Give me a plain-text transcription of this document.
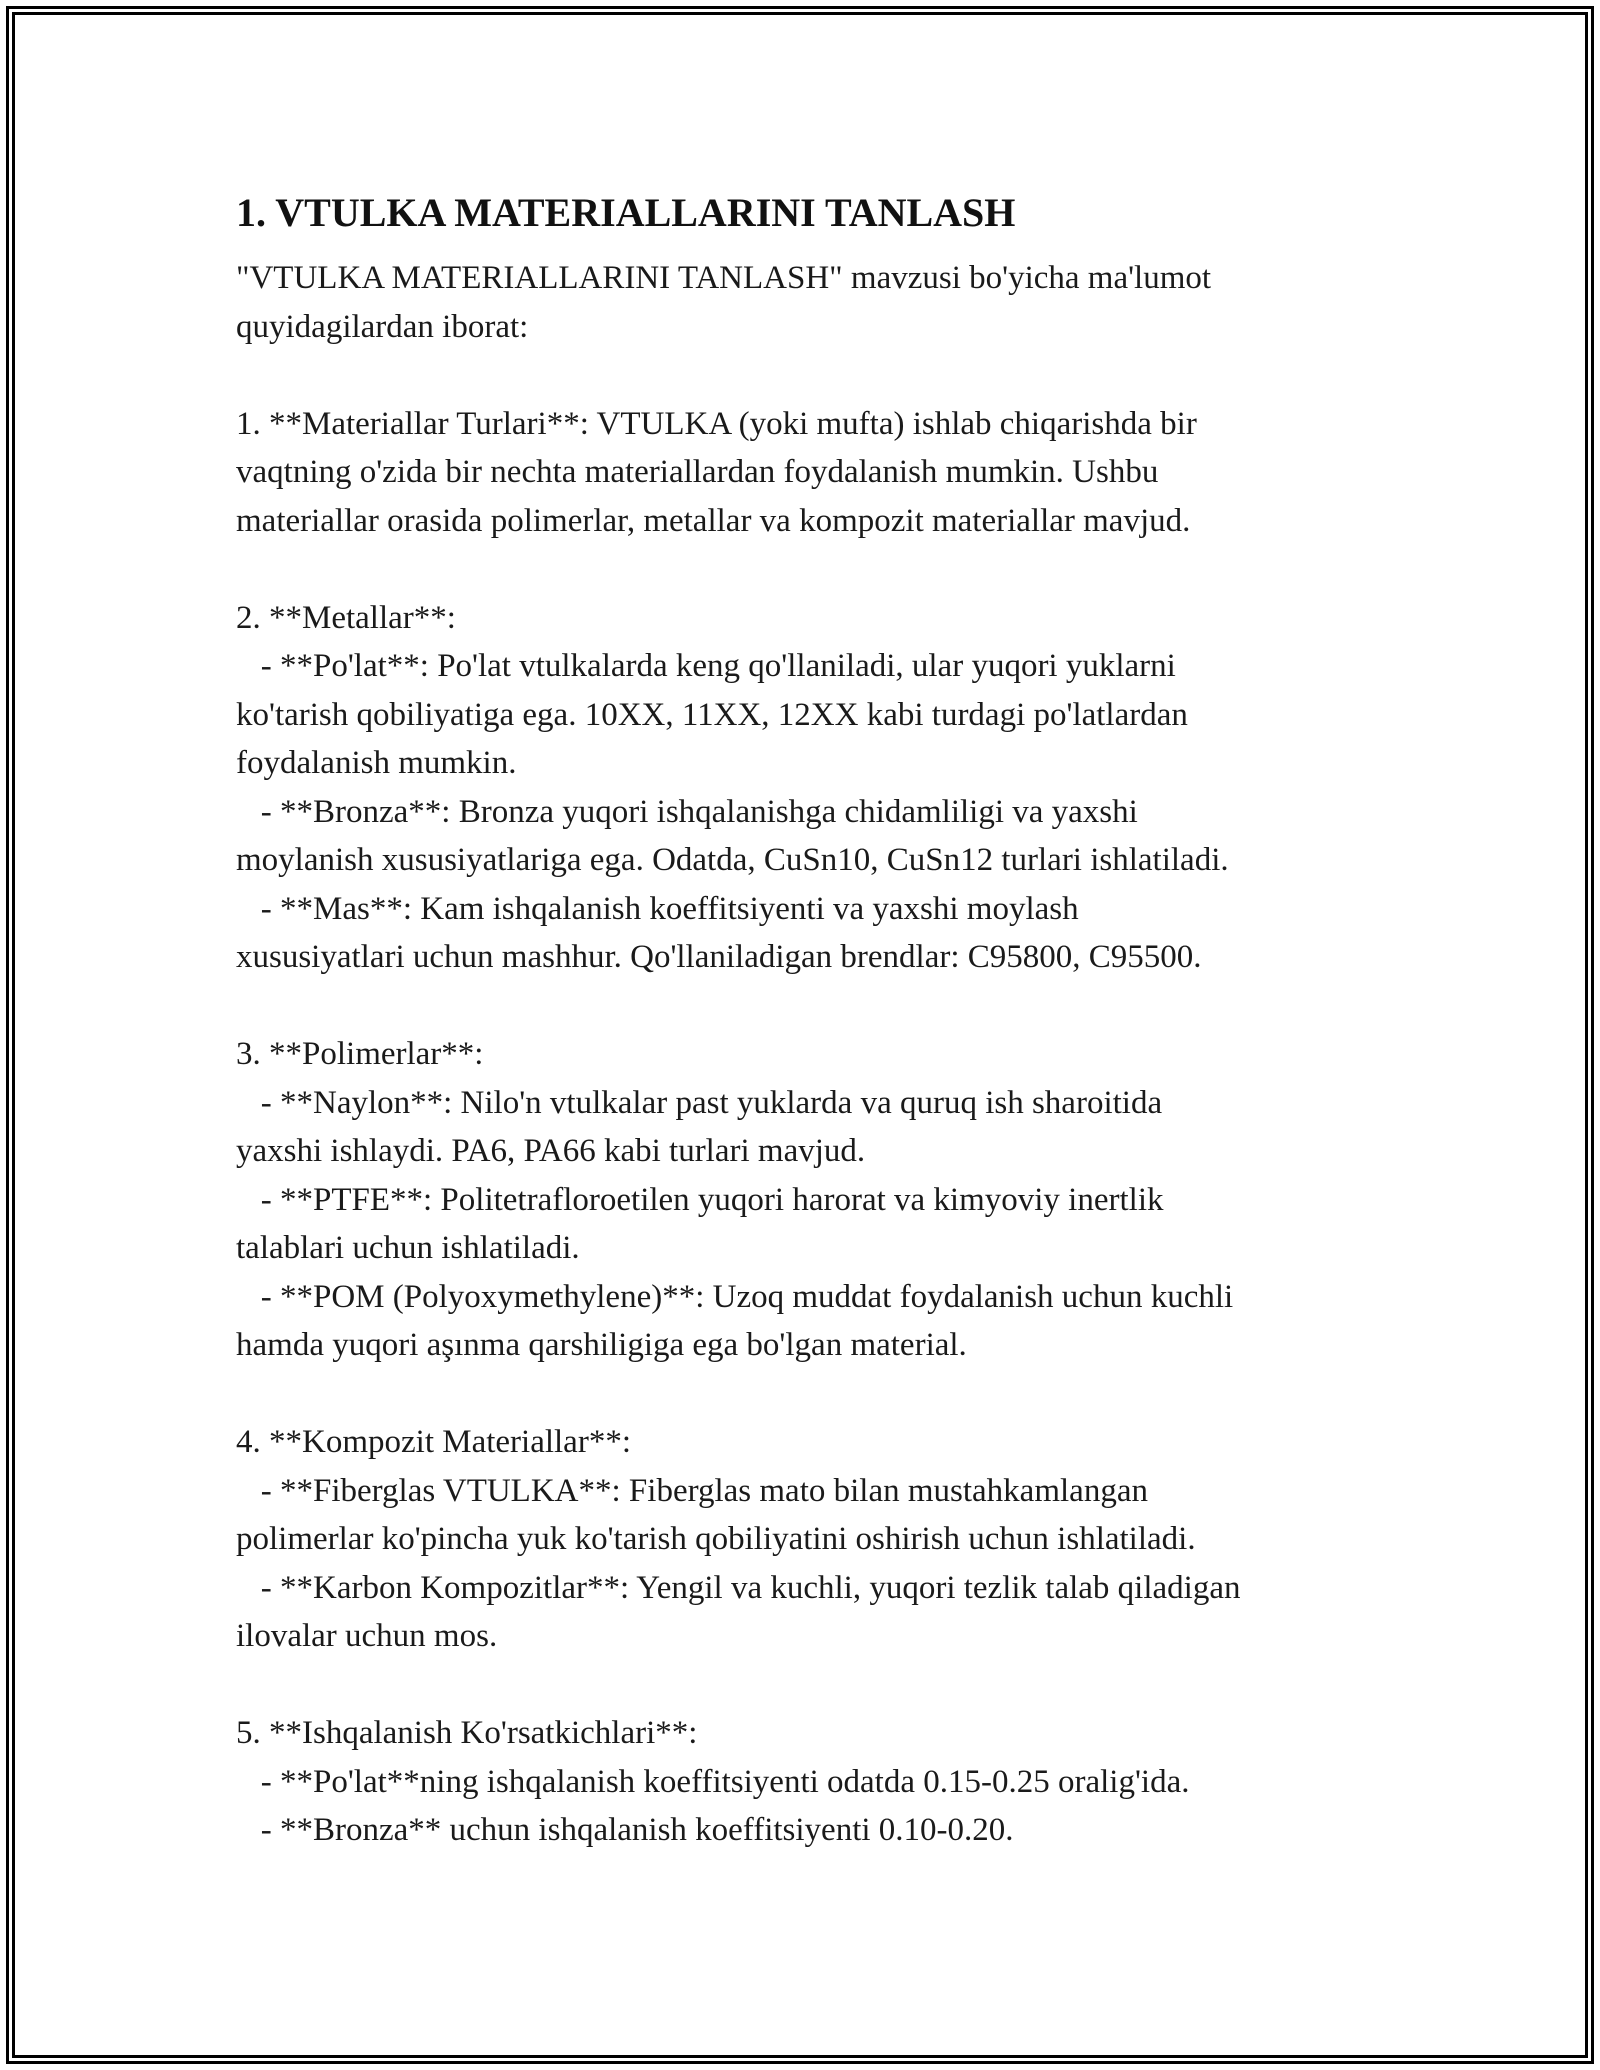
1. VTULKA MATERIALLARINI TANLASH

"VTULKA MATERIALLARINI TANLASH" mavzusi bo'yicha ma'lumot
quyidagilardan iborat:

1. **Materiallar Turlari**: VTULKA (yoki mufta) ishlab chiqarishda bir
vaqtning o'zida bir nechta materiallardan foydalanish mumkin. Ushbu
materiallar orasida polimerlar, metallar va kompozit materiallar mavjud.

2. **Metallar**:
- **Po'lat**: Po'lat vtulkalarda keng qo'llaniladi, ular yuqori yuklarni
ko'tarish qobiliyatiga ega. 10XX, 11XX, 12XX kabi turdagi po'latlardan
foydalanish mumkin.
- **Bronza**: Bronza yuqori ishqalanishga chidamliligi va yaxshi
moylanish xususiyatlariga ega. Odatda, CuSn10, CuSn12 turlari ishlatiladi.
- **Mas**: Kam ishqalanish koeffitsiyenti va yaxshi moylash
xususiyatlari uchun mashhur. Qo'llaniladigan brendlar: C95800, C95500.

3. **Polimerlar**:
- **Naylon**: Nilo'n vtulkalar past yuklarda va quruq ish sharoitida
yaxshi ishlaydi. PA6, PA66 kabi turlari mavjud.
- **PTFE**: Politetrafloroetilen yuqori harorat va kimyoviy inertlik
talablari uchun ishlatiladi.
- **POM (Polyoxymethylene)**: Uzoq muddat foydalanish uchun kuchli
hamda yuqori aşınma qarshiligiga ega bo'lgan material.

4. **Kompozit Materiallar**:
- **Fiberglas VTULKA**: Fiberglas mato bilan mustahkamlangan
polimerlar ko'pincha yuk ko'tarish qobiliyatini oshirish uchun ishlatiladi.
- **Karbon Kompozitlar**: Yengil va kuchli, yuqori tezlik talab qiladigan
ilovalar uchun mos.

5. **Ishqalanish Ko'rsatkichlari**:
- **Po'lat**ning ishqalanish koeffitsiyenti odatda 0.15-0.25 oralig'ida.
- **Bronza** uchun ishqalanish koeffitsiyenti 0.10-0.20.
